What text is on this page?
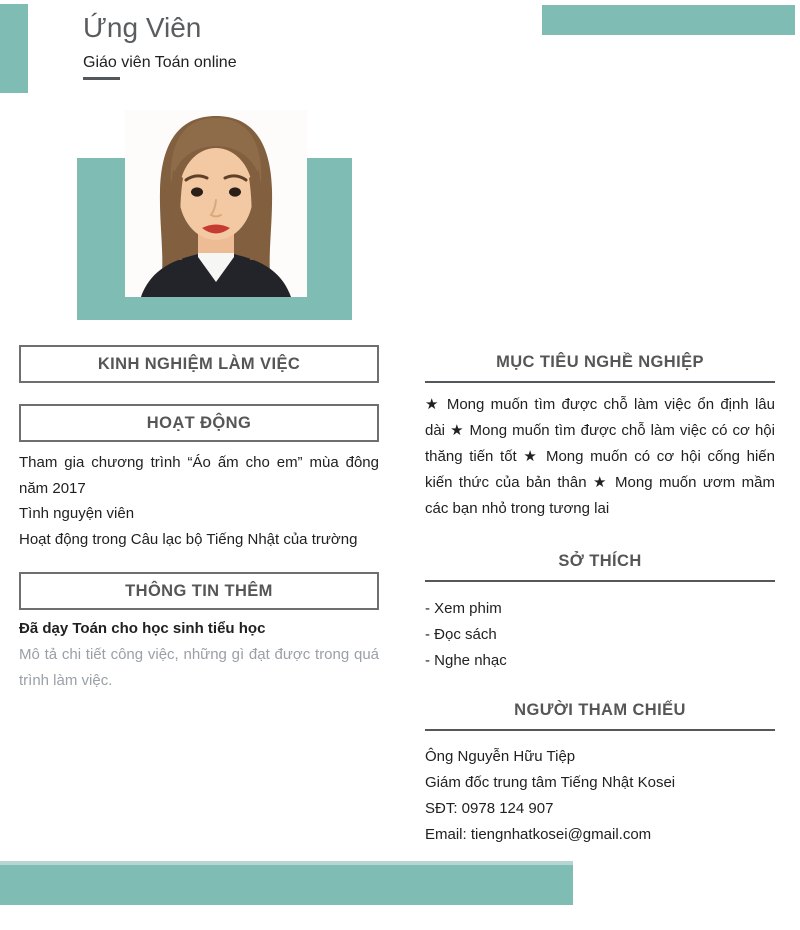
Ứng Viên
Giáo viên Toán online
KINH NGHIỆM LÀM VIỆC
HOẠT ĐỘNG
Tham gia chương trình “Áo ấm cho em” mùa đông năm 2017
Tình nguyện viên
Hoạt động trong Câu lạc bộ Tiếng Nhật của trường
THÔNG TIN THÊM
Đã dạy Toán cho học sinh tiểu học
Mô tả chi tiết công việc, những gì đạt được trong quá trình làm việc.
MỤC TIÊU NGHỀ NGHIỆP
★ Mong muốn tìm được chỗ làm việc ổn định lâu dài ★ Mong muốn tìm được chỗ làm việc có cơ hội thăng tiến tốt ★ Mong muốn có cơ hội cống hiến kiến thức của bản thân ★ Mong muốn ươm mầm các bạn nhỏ trong tương lai
SỞ THÍCH
- Xem phim
- Đọc sách
- Nghe nhạc
NGƯỜI THAM CHIẾU
Ông Nguyễn Hữu Tiệp
Giám đốc trung tâm Tiếng Nhật Kosei
SĐT: 0978 124 907
Email: tiengnhatkosei@gmail.com
